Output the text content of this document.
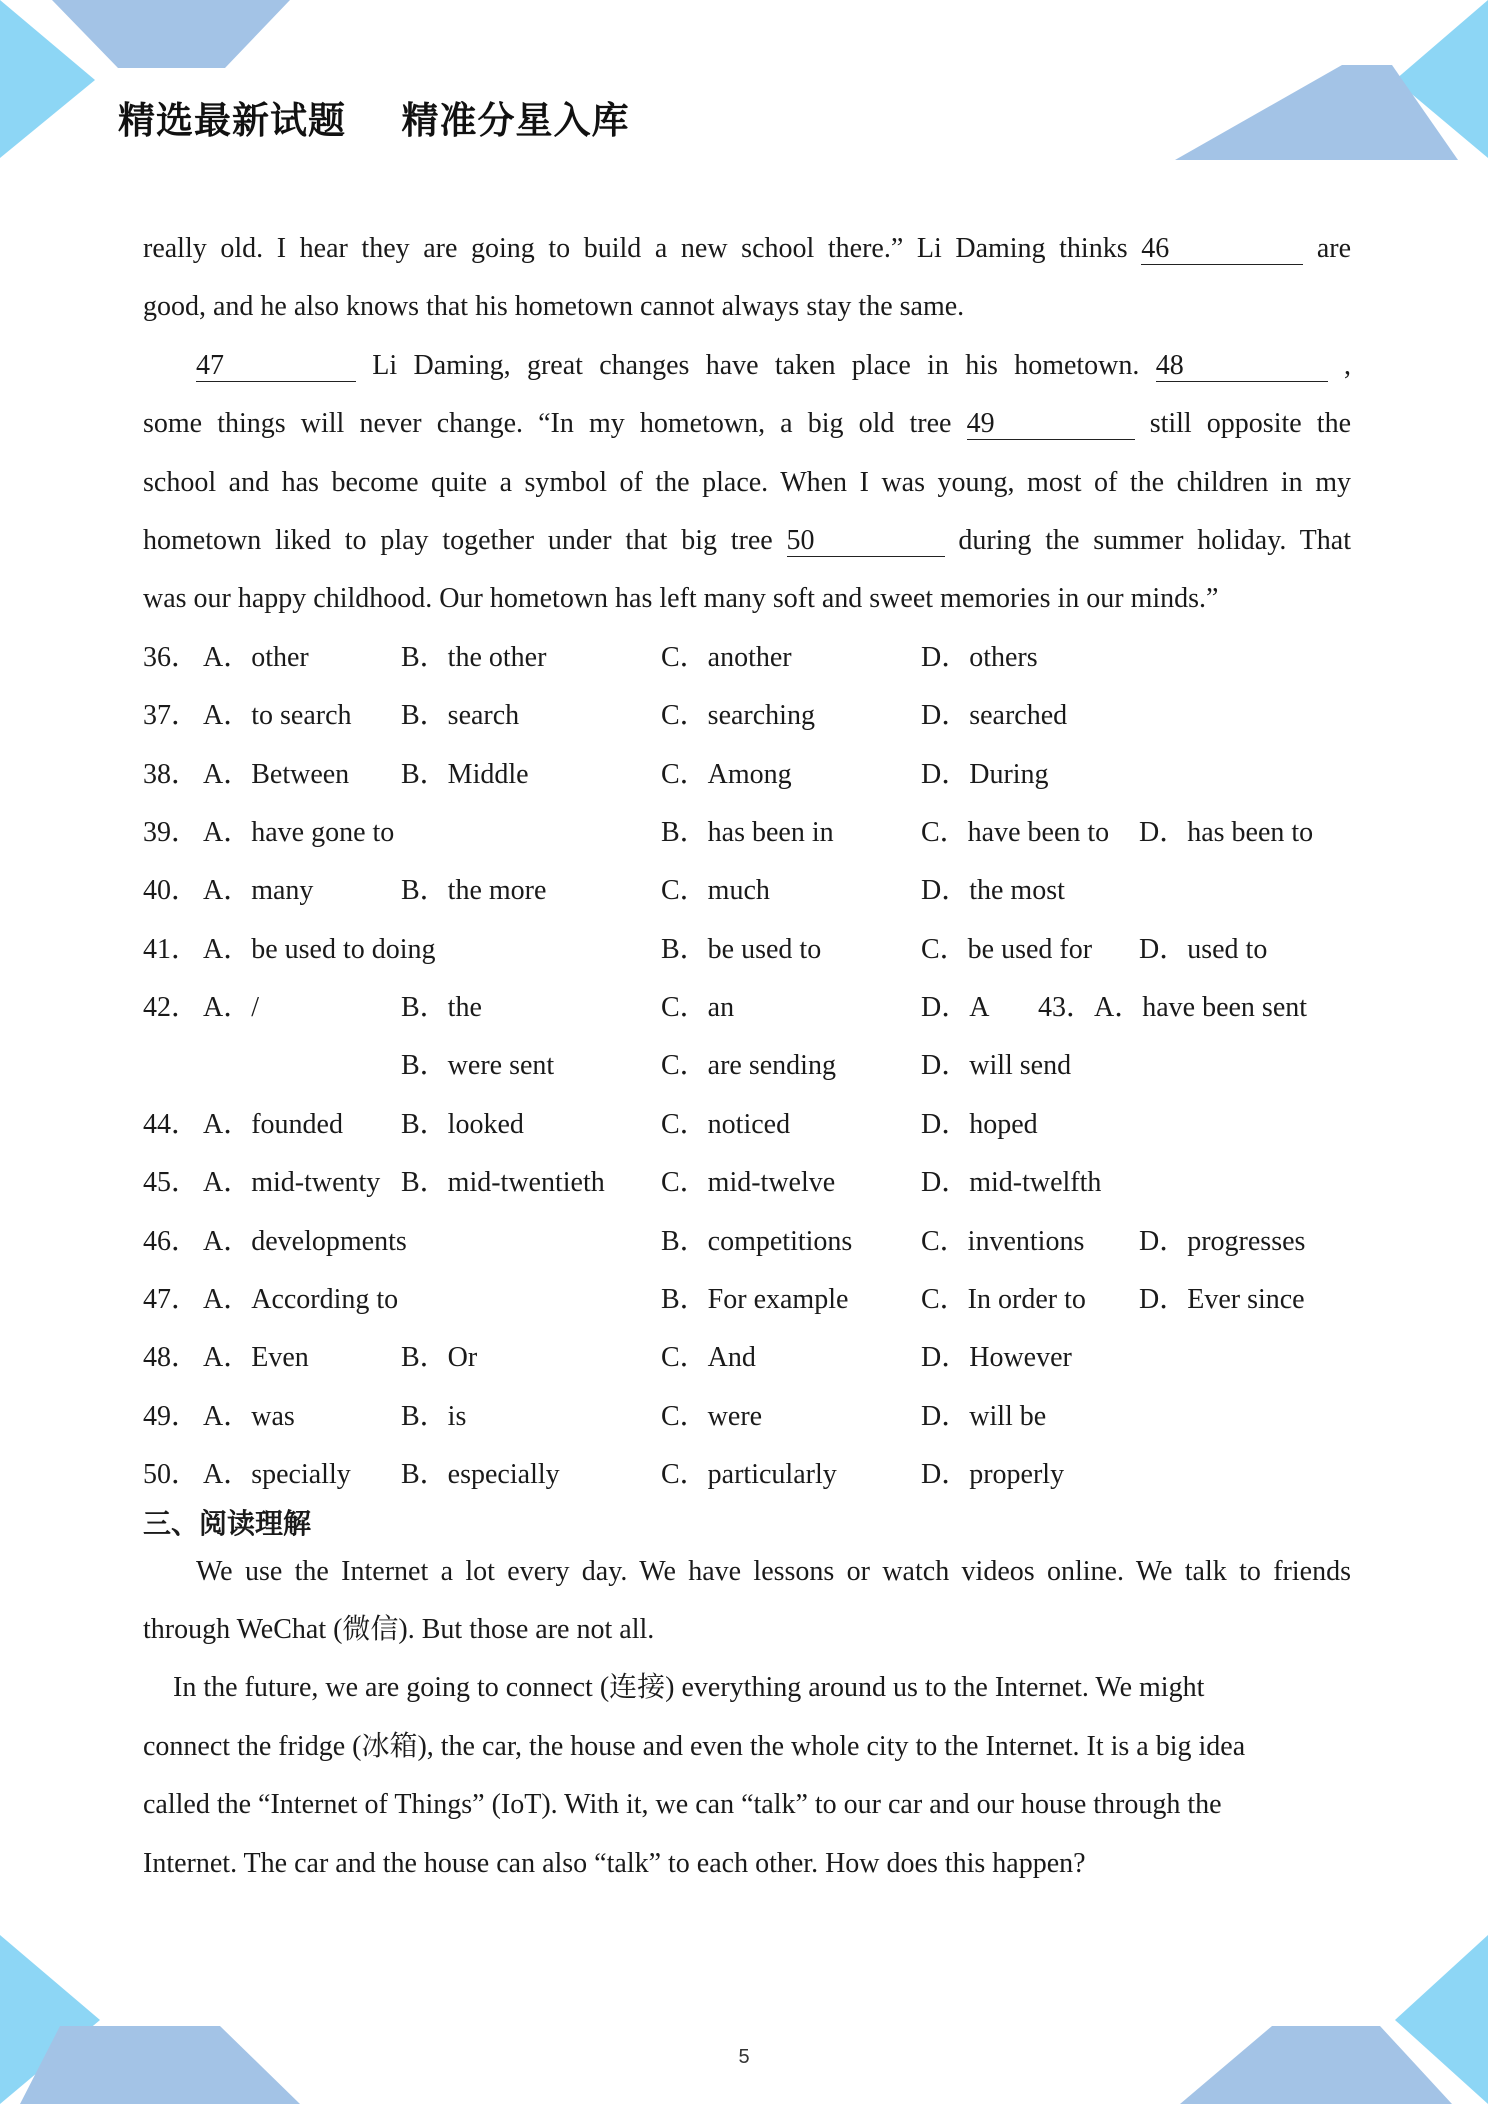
精选最新试题    精准分星入库
really old. I hear they are going to build a new school there.” Li Daming thinks 46	are
good, and he also knows that his hometown cannot always stay the same.
47	Li Daming, great changes have taken place in his hometown. 48	,
some things will never change. “In my hometown, a big old tree 49	still opposite the
school and has become quite a symbol of the place. When I was young, most of the children in my
hometown liked to play together under that big tree 50	during the summer holiday. That
was our happy childhood. Our hometown has left many soft and sweet memories in our minds.”
36． A．other	B．the other	C．another	D．others
37． A．to search B．search	C．searching	D．searched
38． A．Between B．Middle	C．Among	D．During
39． A．have gone to	B．has been in	C．have been to D．has been to
40． A．many	B．the more	C．much	D．the most
41． A．be used to doing	B．be used to	C．be used for D．used to
42． A．/	B．the	C．an	D．A 43．A．have been sent
B．were sent	C．are sending	D．will send
44． A．founded B．looked	C．noticed	D．hoped
45． A．mid-twenty B．mid-twentieth C．mid-twelve	D．mid-twelfth
46． A．developments	B．competitions C．inventions D．progresses
47． A．According to	B．For example	C．In order to D．Ever since
48． A．Even	B．Or	C．And	D．However
49． A．was	B．is	C．were	D．will be
50． A．specially B．especially	C．particularly	D．properly
三、阅读理解
We use the Internet a lot every day. We have lessons or watch videos online. We talk to friends
through WeChat (微信). But those are not all.
In the future, we are going to connect (连接) everything around us to the Internet. We might
connect the fridge (冰箱), the car, the house and even the whole city to the Internet. It is a big idea
called the “Internet of Things” (IoT). With it, we can “talk” to our car and our house through the
Internet. The car and the house can also “talk” to each other. How does this happen?
5
